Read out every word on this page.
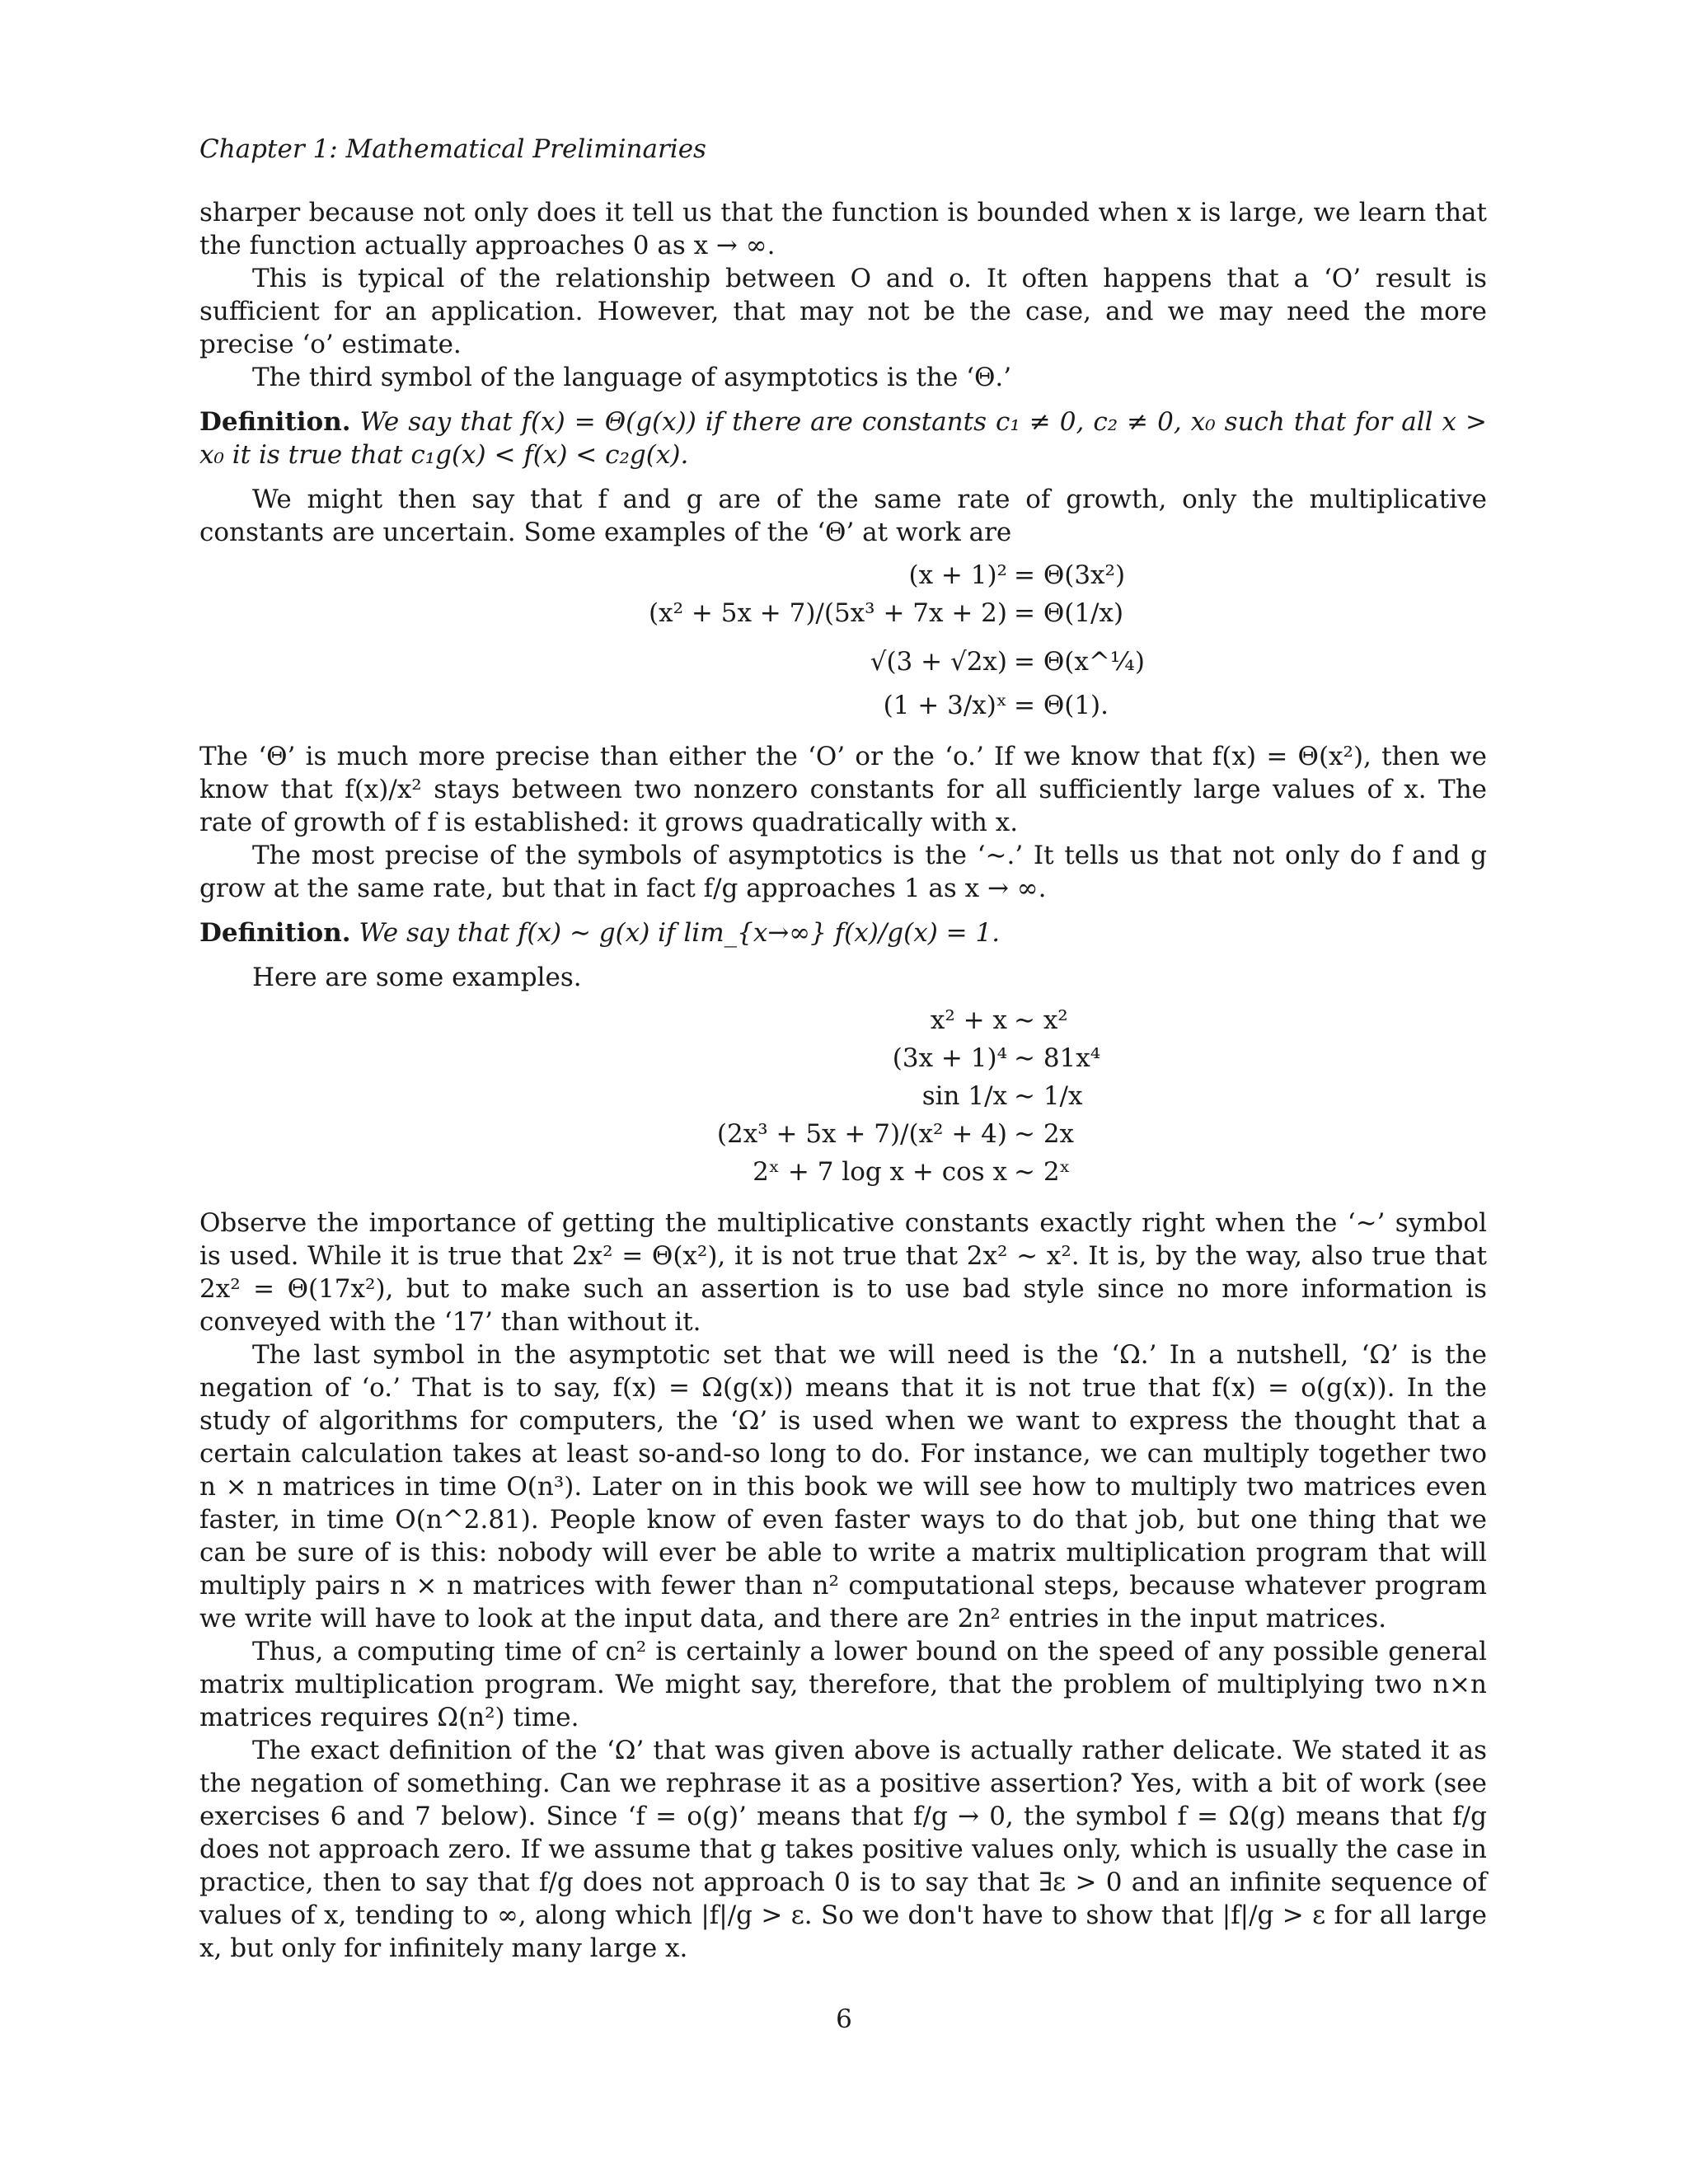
Chapter 1: Mathematical Preliminaries

sharper because not only does it tell us that the function is bounded when x is large, we learn that the function actually approaches 0 as x → ∞.

This is typical of the relationship between O and o. It often happens that a ‘O’ result is sufficient for an application. However, that may not be the case, and we may need the more precise ‘o’ estimate.

The third symbol of the language of asymptotics is the ‘Θ.’

Definition. We say that f(x) = Θ(g(x)) if there are constants c₁ ≠ 0, c₂ ≠ 0, x₀ such that for all x > x₀ it is true that c₁g(x) < f(x) < c₂g(x).

We might then say that f and g are of the same rate of growth, only the multiplicative constants are uncertain. Some examples of the ‘Θ’ at work are

(x + 1)² = Θ(3x²)
(x² + 5x + 7)/(5x³ + 7x + 2) = Θ(1/x)
√(3 + √2x) = Θ(x^¼)
(1 + 3/x)ˣ = Θ(1).

The ‘Θ’ is much more precise than either the ‘O’ or the ‘o.’ If we know that f(x) = Θ(x²), then we know that f(x)/x² stays between two nonzero constants for all sufficiently large values of x. The rate of growth of f is established: it grows quadratically with x.

The most precise of the symbols of asymptotics is the ‘∼.’ It tells us that not only do f and g grow at the same rate, but that in fact f/g approaches 1 as x → ∞.

Definition. We say that f(x) ∼ g(x) if lim_{x→∞} f(x)/g(x) = 1.

Here are some examples.

x² + x ∼ x²
(3x + 1)⁴ ∼ 81x⁴
sin 1/x ∼ 1/x
(2x³ + 5x + 7)/(x² + 4) ∼ 2x
2ˣ + 7 log x + cos x ∼ 2ˣ

Observe the importance of getting the multiplicative constants exactly right when the ‘∼’ symbol is used. While it is true that 2x² = Θ(x²), it is not true that 2x² ∼ x². It is, by the way, also true that 2x² = Θ(17x²), but to make such an assertion is to use bad style since no more information is conveyed with the ‘17’ than without it.

The last symbol in the asymptotic set that we will need is the ‘Ω.’ In a nutshell, ‘Ω’ is the negation of ‘o.’ That is to say, f(x) = Ω(g(x)) means that it is not true that f(x) = o(g(x)). In the study of algorithms for computers, the ‘Ω’ is used when we want to express the thought that a certain calculation takes at least so-and-so long to do. For instance, we can multiply together two n × n matrices in time O(n³). Later on in this book we will see how to multiply two matrices even faster, in time O(n^2.81). People know of even faster ways to do that job, but one thing that we can be sure of is this: nobody will ever be able to write a matrix multiplication program that will multiply pairs n × n matrices with fewer than n² computational steps, because whatever program we write will have to look at the input data, and there are 2n² entries in the input matrices.

Thus, a computing time of cn² is certainly a lower bound on the speed of any possible general matrix multiplication program. We might say, therefore, that the problem of multiplying two n×n matrices requires Ω(n²) time.

The exact definition of the ‘Ω’ that was given above is actually rather delicate. We stated it as the negation of something. Can we rephrase it as a positive assertion? Yes, with a bit of work (see exercises 6 and 7 below). Since ‘f = o(g)’ means that f/g → 0, the symbol f = Ω(g) means that f/g does not approach zero. If we assume that g takes positive values only, which is usually the case in practice, then to say that f/g does not approach 0 is to say that ∃ε > 0 and an infinite sequence of values of x, tending to ∞, along which |f|/g > ε. So we don't have to show that |f|/g > ε for all large x, but only for infinitely many large x.

6
